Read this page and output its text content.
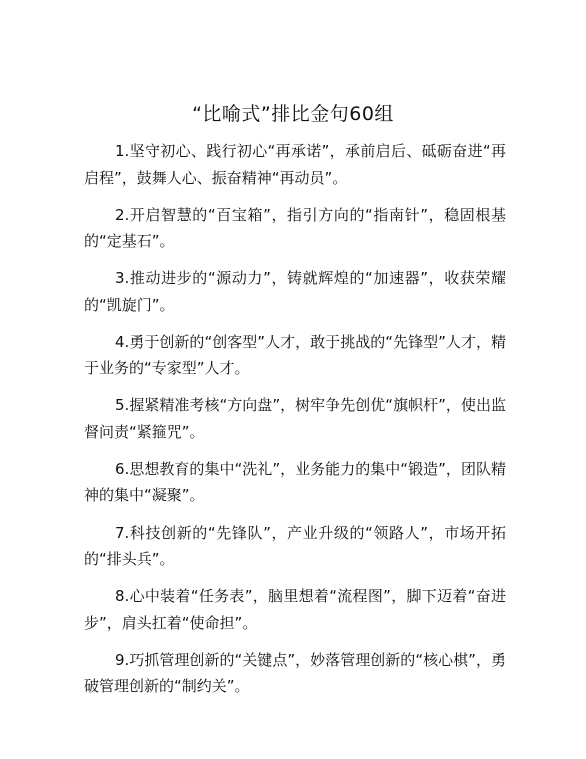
“比喻式”排比金句60组

1.坚守初心、践行初心“再承诺”，承前启后、砥砺奋进“再启程”，鼓舞人心、振奋精神“再动员”。

2.开启智慧的“百宝箱”，指引方向的“指南针”，稳固根基的“定基石”。

3.推动进步的“源动力”，铸就辉煌的“加速器”，收获荣耀的“凯旋门”。

4.勇于创新的“创客型”人才，敢于挑战的“先锋型”人才，精于业务的“专家型”人才。

5.握紧精准考核“方向盘”，树牢争先创优“旗帜杆”，使出监督问责“紧箍咒”。

6.思想教育的集中“洗礼”，业务能力的集中“锻造”，团队精神的集中“凝聚”。

7.科技创新的“先锋队”，产业升级的“领路人”，市场开拓的“排头兵”。

8.心中装着“任务表”，脑里想着“流程图”，脚下迈着“奋进步”，肩头扛着“使命担”。

9.巧抓管理创新的“关键点”，妙落管理创新的“核心棋”，勇破管理创新的“制约关”。
